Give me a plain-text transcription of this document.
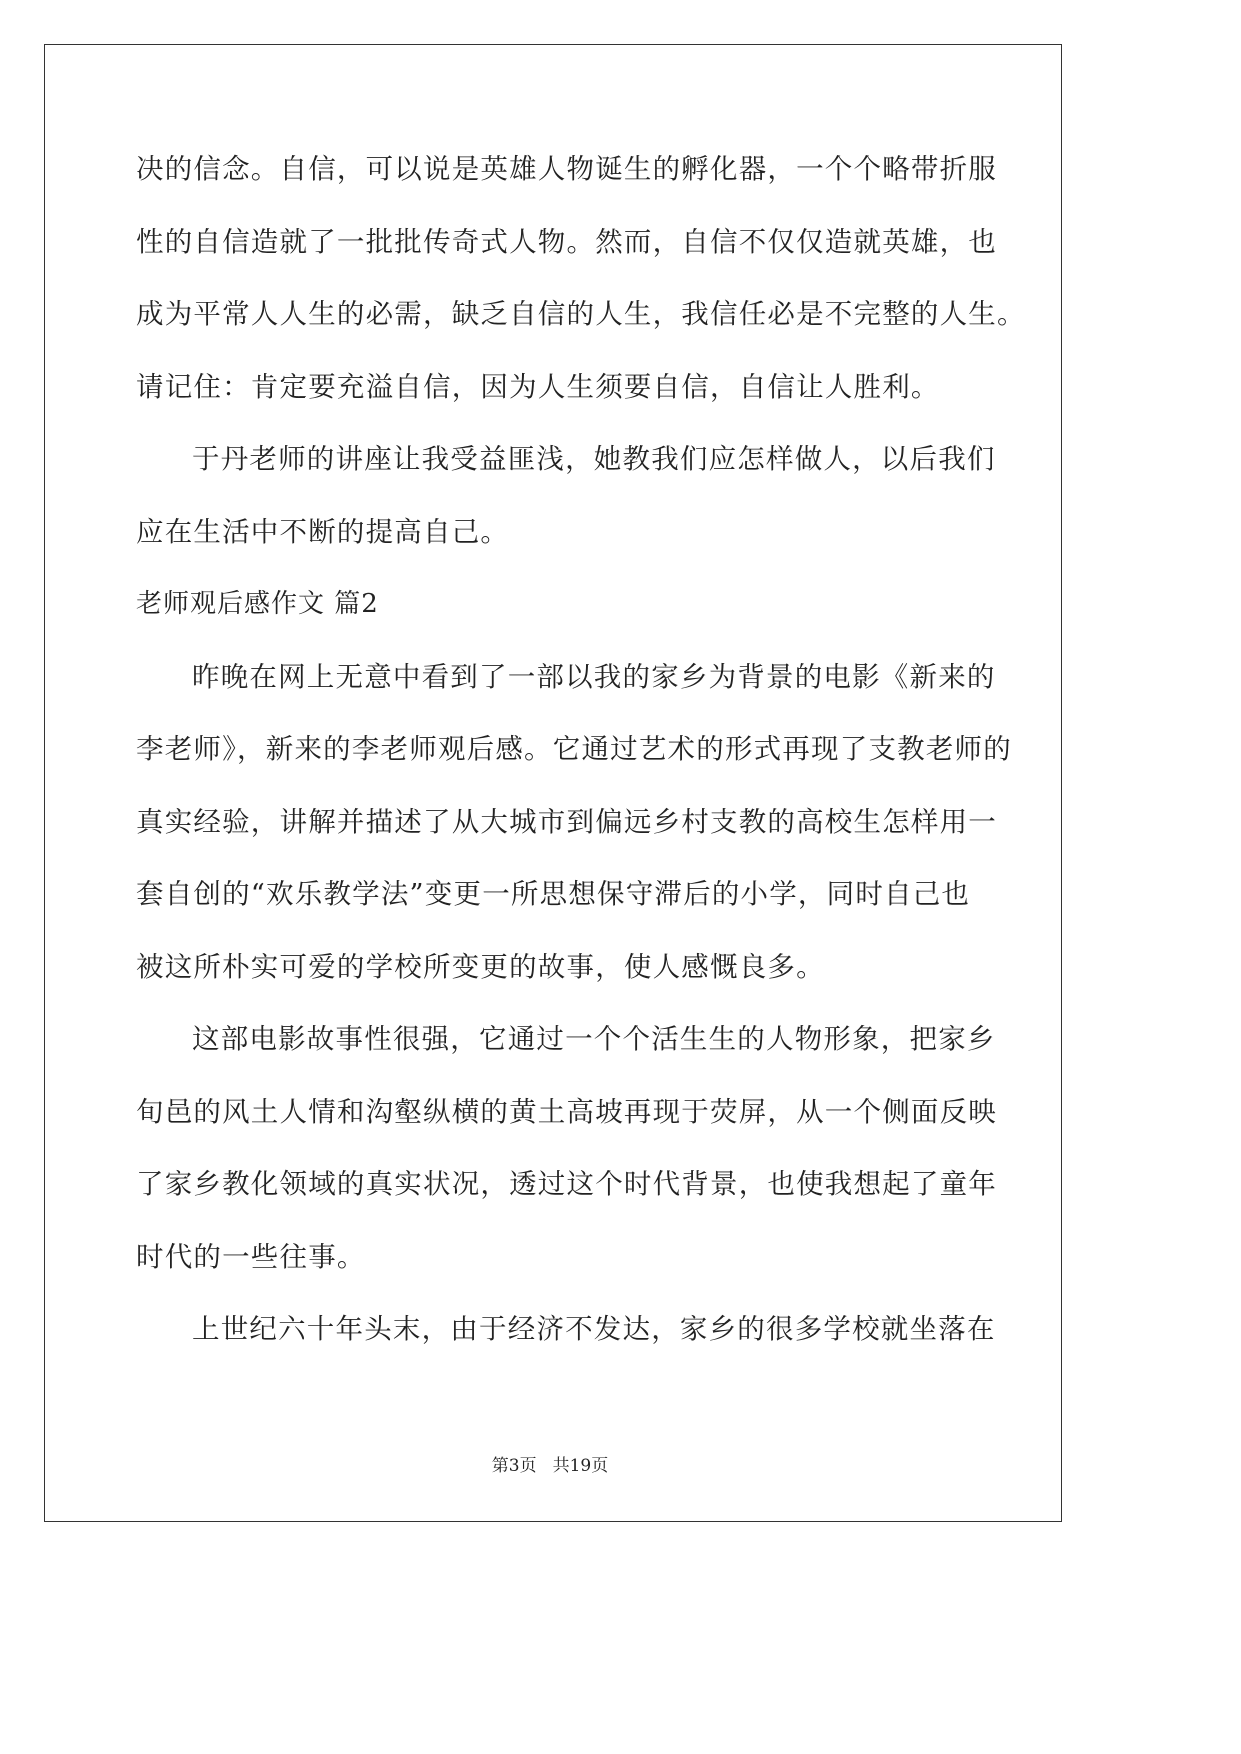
决的信念。自信，可以说是英雄人物诞生的孵化器，一个个略带折服
性的自信造就了一批批传奇式人物。然而，自信不仅仅造就英雄，也
成为平常人人生的必需，缺乏自信的人生，我信任必是不完整的人生。
请记住：肯定要充溢自信，因为人生须要自信，自信让人胜利。
于丹老师的讲座让我受益匪浅，她教我们应怎样做人，以后我们
应在生活中不断的提高自己。
老师观后感作文 篇2
昨晚在网上无意中看到了一部以我的家乡为背景的电影《新来的
李老师》，新来的李老师观后感。它通过艺术的形式再现了支教老师的
真实经验，讲解并描述了从大城市到偏远乡村支教的高校生怎样用一
套自创的“欢乐教学法”变更一所思想保守滞后的小学，同时自己也
被这所朴实可爱的学校所变更的故事，使人感慨良多。
这部电影故事性很强，它通过一个个活生生的人物形象，把家乡
旬邑的风土人情和沟壑纵横的黄土高坡再现于荧屏，从一个侧面反映
了家乡教化领域的真实状况，透过这个时代背景，也使我想起了童年
时代的一些往事。
上世纪六十年头末，由于经济不发达，家乡的很多学校就坐落在
第3页 共19页
